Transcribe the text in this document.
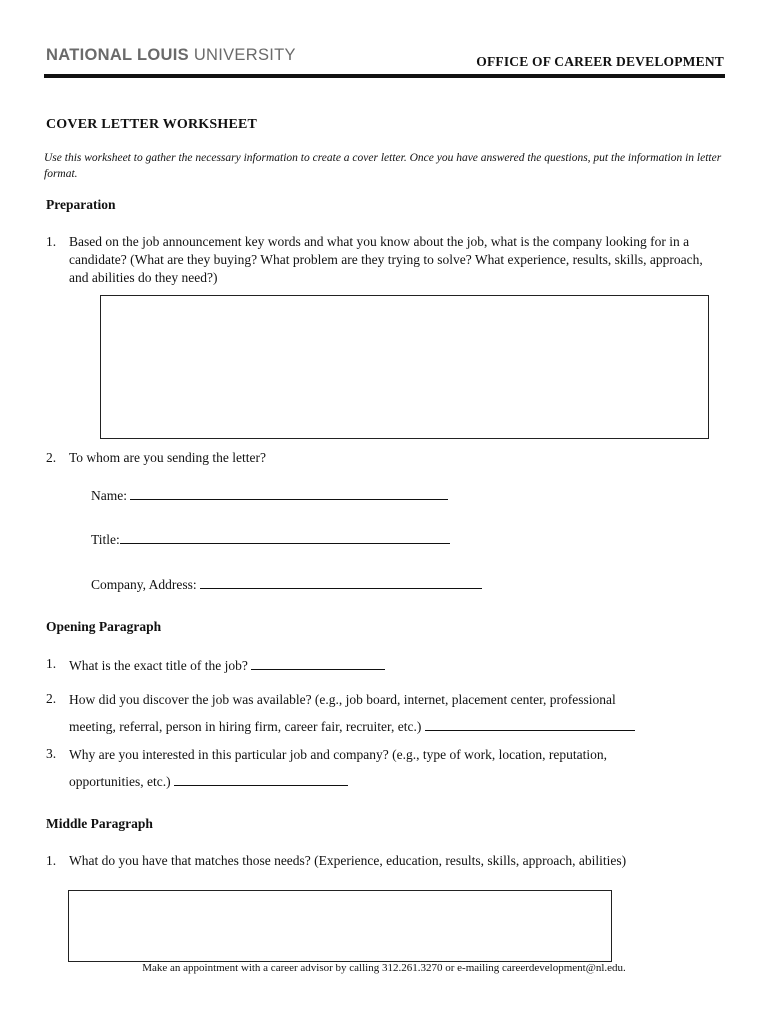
NATIONAL LOUIS UNIVERSITY	OFFICE OF CAREER DEVELOPMENT
COVER LETTER WORKSHEET
Use this worksheet to gather the necessary information to create a cover letter. Once you have answered the questions, put the information in letter format.
Preparation
1. Based on the job announcement key words and what you know about the job, what is the company looking for in a candidate? (What are they buying? What problem are they trying to solve? What experience, results, skills, approach, and abilities do they need?)
2. To whom are you sending the letter?
Name:
Title:
Company, Address:
Opening Paragraph
1. What is the exact title of the job?
2. How did you discover the job was available? (e.g., job board, internet, placement center, professional
meeting, referral, person in hiring firm, career fair, recruiter, etc.)
3. Why are you interested in this particular job and company? (e.g., type of work, location, reputation,
opportunities, etc.)
Middle Paragraph
1. What do you have that matches those needs? (Experience, education, results, skills, approach, abilities)
Make an appointment with a career advisor by calling 312.261.3270 or e-mailing careerdevelopment@nl.edu.
